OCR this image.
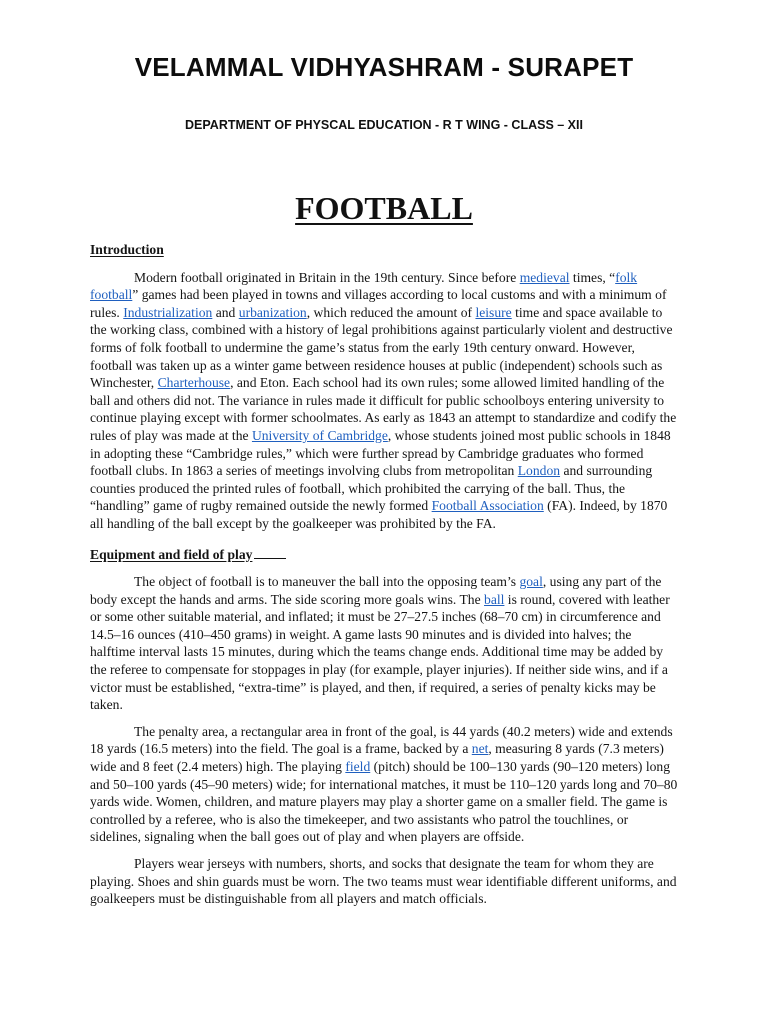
VELAMMAL VIDHYASHRAM - SURAPET
DEPARTMENT OF PHYSCAL EDUCATION - R T WING - CLASS – XII
FOOTBALL
Introduction

Modern football originated in Britain in the 19th century. Since before medieval times, “folk football” games had been played in towns and villages according to local customs and with a minimum of rules. Industrialization and urbanization, which reduced the amount of leisure time and space available to the working class, combined with a history of legal prohibitions against particularly violent and destructive forms of folk football to undermine the game’s status from the early 19th century onward. However, football was taken up as a winter game between residence houses at public (independent) schools such as Winchester, Charterhouse, and Eton. Each school had its own rules; some allowed limited handling of the ball and others did not. The variance in rules made it difficult for public schoolboys entering university to continue playing except with former schoolmates. As early as 1843 an attempt to standardize and codify the rules of play was made at the University of Cambridge, whose students joined most public schools in 1848 in adopting these “Cambridge rules,” which were further spread by Cambridge graduates who formed football clubs. In 1863 a series of meetings involving clubs from metropolitan London and surrounding counties produced the printed rules of football, which prohibited the carrying of the ball. Thus, the “handling” game of rugby remained outside the newly formed Football Association (FA). Indeed, by 1870 all handling of the ball except by the goalkeeper was prohibited by the FA.

Equipment and field of play

The object of football is to maneuver the ball into the opposing team’s goal, using any part of the body except the hands and arms. The side scoring more goals wins. The ball is round, covered with leather or some other suitable material, and inflated; it must be 27–27.5 inches (68–70 cm) in circumference and 14.5–16 ounces (410–450 grams) in weight. A game lasts 90 minutes and is divided into halves; the halftime interval lasts 15 minutes, during which the teams change ends. Additional time may be added by the referee to compensate for stoppages in play (for example, player injuries). If neither side wins, and if a victor must be established, “extra-time” is played, and then, if required, a series of penalty kicks may be taken.

The penalty area, a rectangular area in front of the goal, is 44 yards (40.2 meters) wide and extends 18 yards (16.5 meters) into the field. The goal is a frame, backed by a net, measuring 8 yards (7.3 meters) wide and 8 feet (2.4 meters) high. The playing field (pitch) should be 100–130 yards (90–120 meters) long and 50–100 yards (45–90 meters) wide; for international matches, it must be 110–120 yards long and 70–80 yards wide. Women, children, and mature players may play a shorter game on a smaller field. The game is controlled by a referee, who is also the timekeeper, and two assistants who patrol the touchlines, or sidelines, signaling when the ball goes out of play and when players are offside.

Players wear jerseys with numbers, shorts, and socks that designate the team for whom they are playing. Shoes and shin guards must be worn. The two teams must wear identifiable different uniforms, and goalkeepers must be distinguishable from all players and match officials.
